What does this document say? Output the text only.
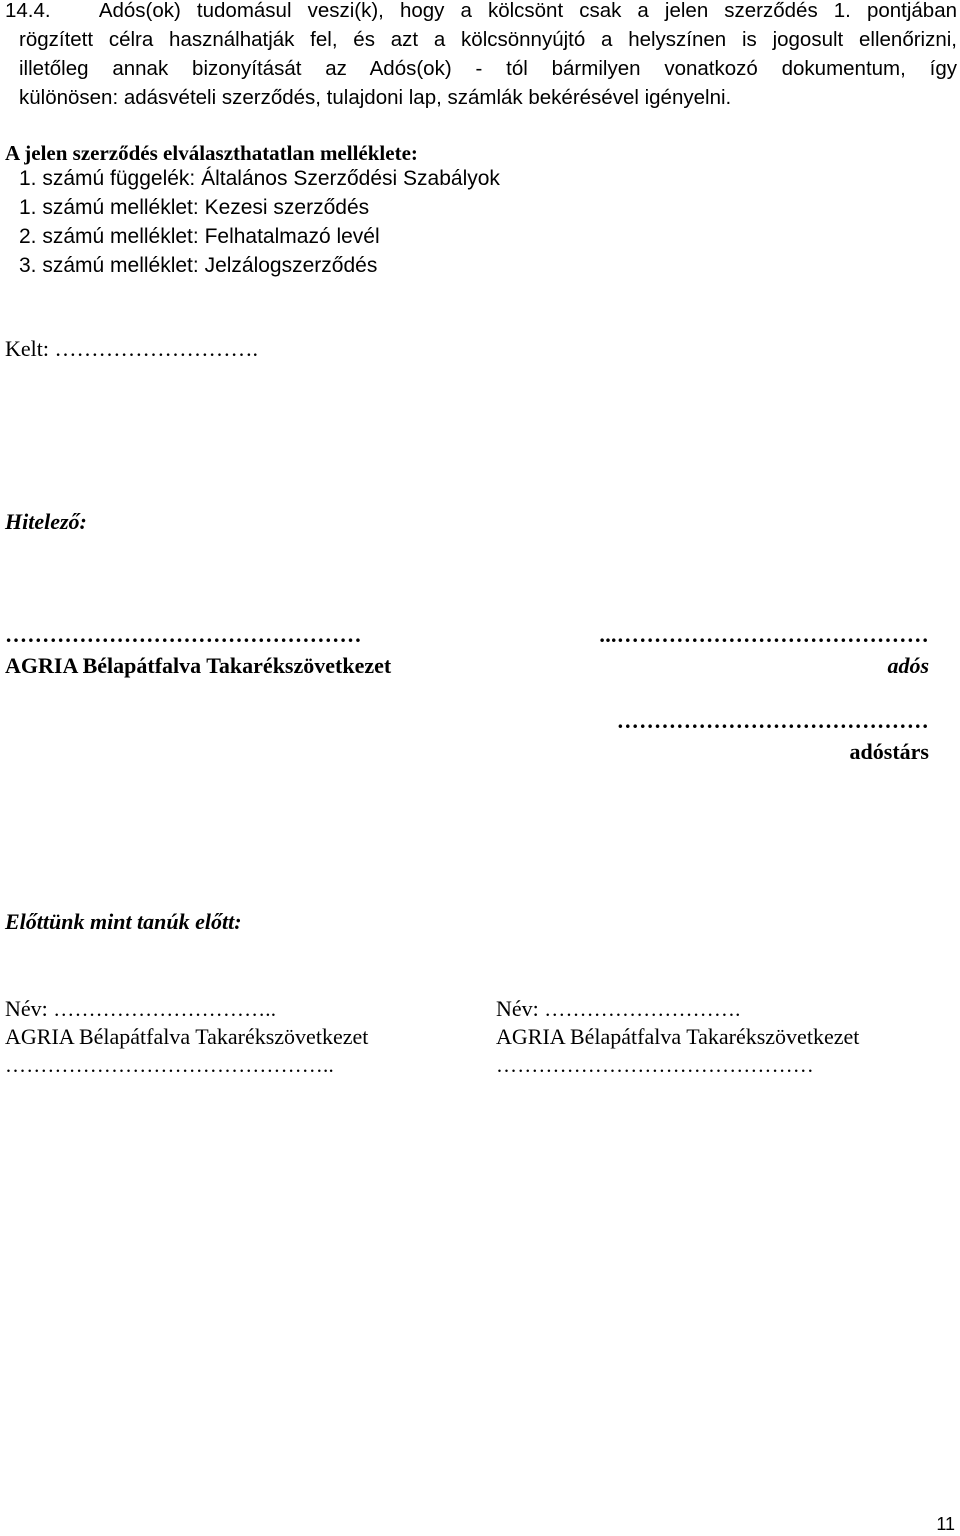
14.4. Adós(ok) tudomásul veszi(k), hogy a kölcsönt csak a jelen szerződés 1. pontjában
rögzített célra használhatják fel, és azt a kölcsönnyújtó a helyszínen is jogosult ellenőrizni,
illetőleg annak bizonyítását az Adós(ok) - tól bármilyen vonatkozó dokumentum, így
különösen: adásvételi szerződés, tulajdoni lap, számlák bekérésével igényelni.
A jelen szerződés elválaszthatatlan melléklete:
1. számú függelék: Általános Szerződési Szabályok
1. számú melléklet: Kezesi szerződés
2. számú melléklet: Felhatalmazó levél
3. számú melléklet: Jelzálogszerződés
Kelt: ……………………….
Hitelező:
…………………………………………
AGRIA Bélapátfalva Takarékszövetkezet
...……………………………………
adós
……………………………………
adóstárs
Előttünk mint tanúk előtt:
Név: …………………………..
AGRIA Bélapátfalva Takarékszövetkezet
………………………………………..
Név: ……………………….
AGRIA Bélapátfalva Takarékszövetkezet
………………………………………
11
